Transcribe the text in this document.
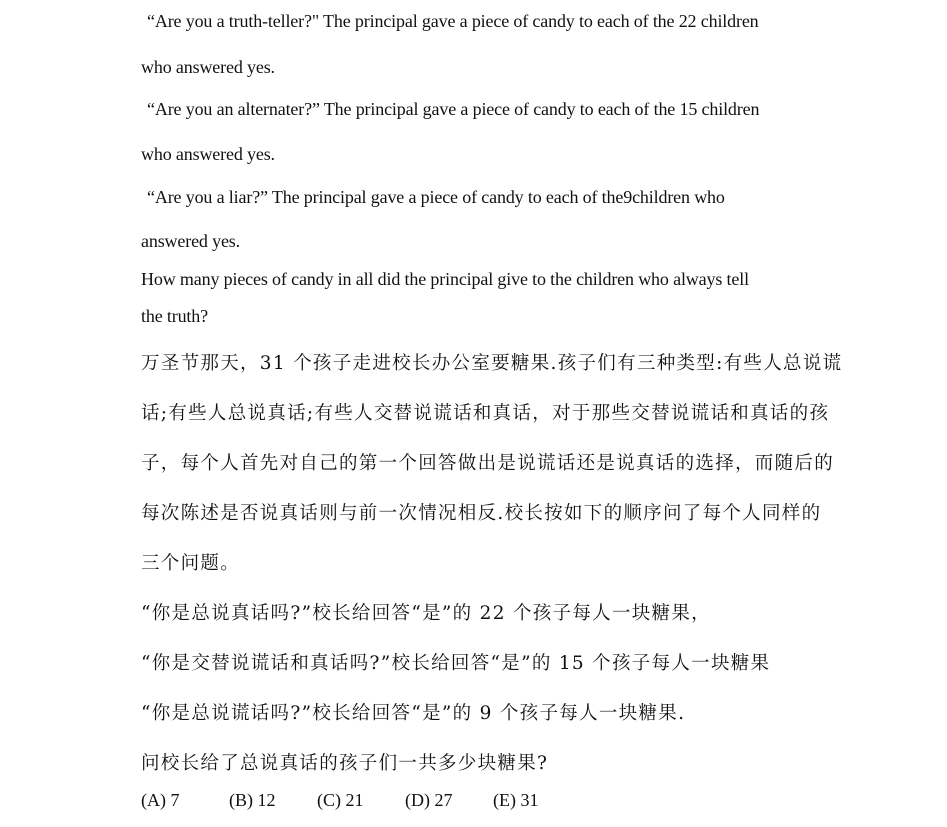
“Are you a truth-teller?" The principal gave a piece of candy to each of the 22 children
who answered yes.
“Are you an alternater?” The principal gave a piece of candy to each of the 15 children
who answered yes.
“Are you a liar?” The principal gave a piece of candy to each of the9children who
answered yes.
How many pieces of candy in all did the principal give to the children who always tell
the truth?
万圣节那天，31 个孩子走进校长办公室要糖果.孩子们有三种类型:有些人总说谎
话;有些人总说真话;有些人交替说谎话和真话，对于那些交替说谎话和真话的孩
子，每个人首先对自己的第一个回答做出是说谎话还是说真话的选择，而随后的
每次陈述是否说真话则与前一次情况相反.校长按如下的顺序问了每个人同样的
三个问题。
“你是总说真话吗?”校长给回答“是”的 22 个孩子每人一块糖果，
“你是交替说谎话和真话吗?”校长给回答“是”的 15 个孩子每人一块糖果
“你是总说谎话吗?”校长给回答“是”的 9 个孩子每人一块糖果.
问校长给了总说真话的孩子们一共多少块糖果?
(A) 7	(B) 12 (C) 21 (D) 27 (E) 31
